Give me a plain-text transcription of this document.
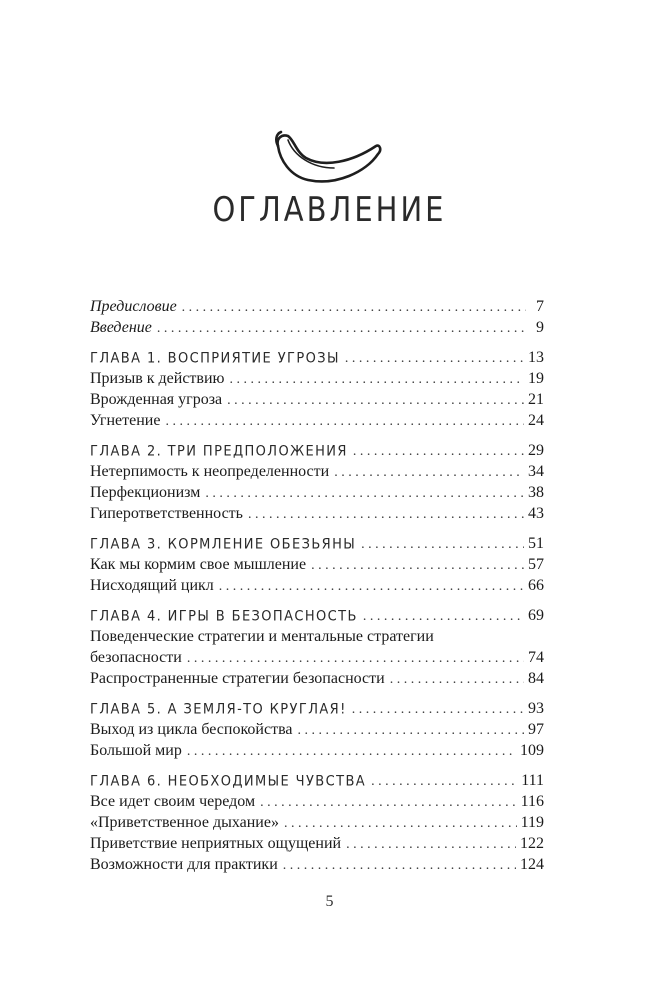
ОГЛАВЛЕНИЕ
Предисловие . . .	7
Введение . . .	9
ГЛАВА 1. ВОСПРИЯТИЕ УГРОЗЫ . . .	13
Призыв к действию . . .	19
Врожденная угроза . . .	21
Угнетение . . .	24
ГЛАВА 2. ТРИ ПРЕДПОЛОЖЕНИЯ . . .	29
Нетерпимость к неопределенности . . .	34
Перфекционизм . . .	38
Гиперответственность . . .	43
ГЛАВА 3. КОРМЛЕНИЕ ОБЕЗЬЯНЫ . . .	51
Как мы кормим свое мышление . . .	57
Нисходящий цикл . . .	66
ГЛАВА 4. ИГРЫ В БЕЗОПАСНОСТЬ . . .	69
Поведенческие стратегии и ментальные стратегии
безопасности . . .	74
Распространенные стратегии безопасности . . .	84
ГЛАВА 5. А ЗЕМЛЯ-ТО КРУГЛАЯ! . . .	93
Выход из цикла беспокойства . . .	97
Большой мир . . .	109
ГЛАВА 6. НЕОБХОДИМЫЕ ЧУВСТВА . . .	111
Все идет своим чередом . . .	116
«Приветственное дыхание» . . .	119
Приветствие неприятных ощущений . . .	122
Возможности для практики . . .	124
5
